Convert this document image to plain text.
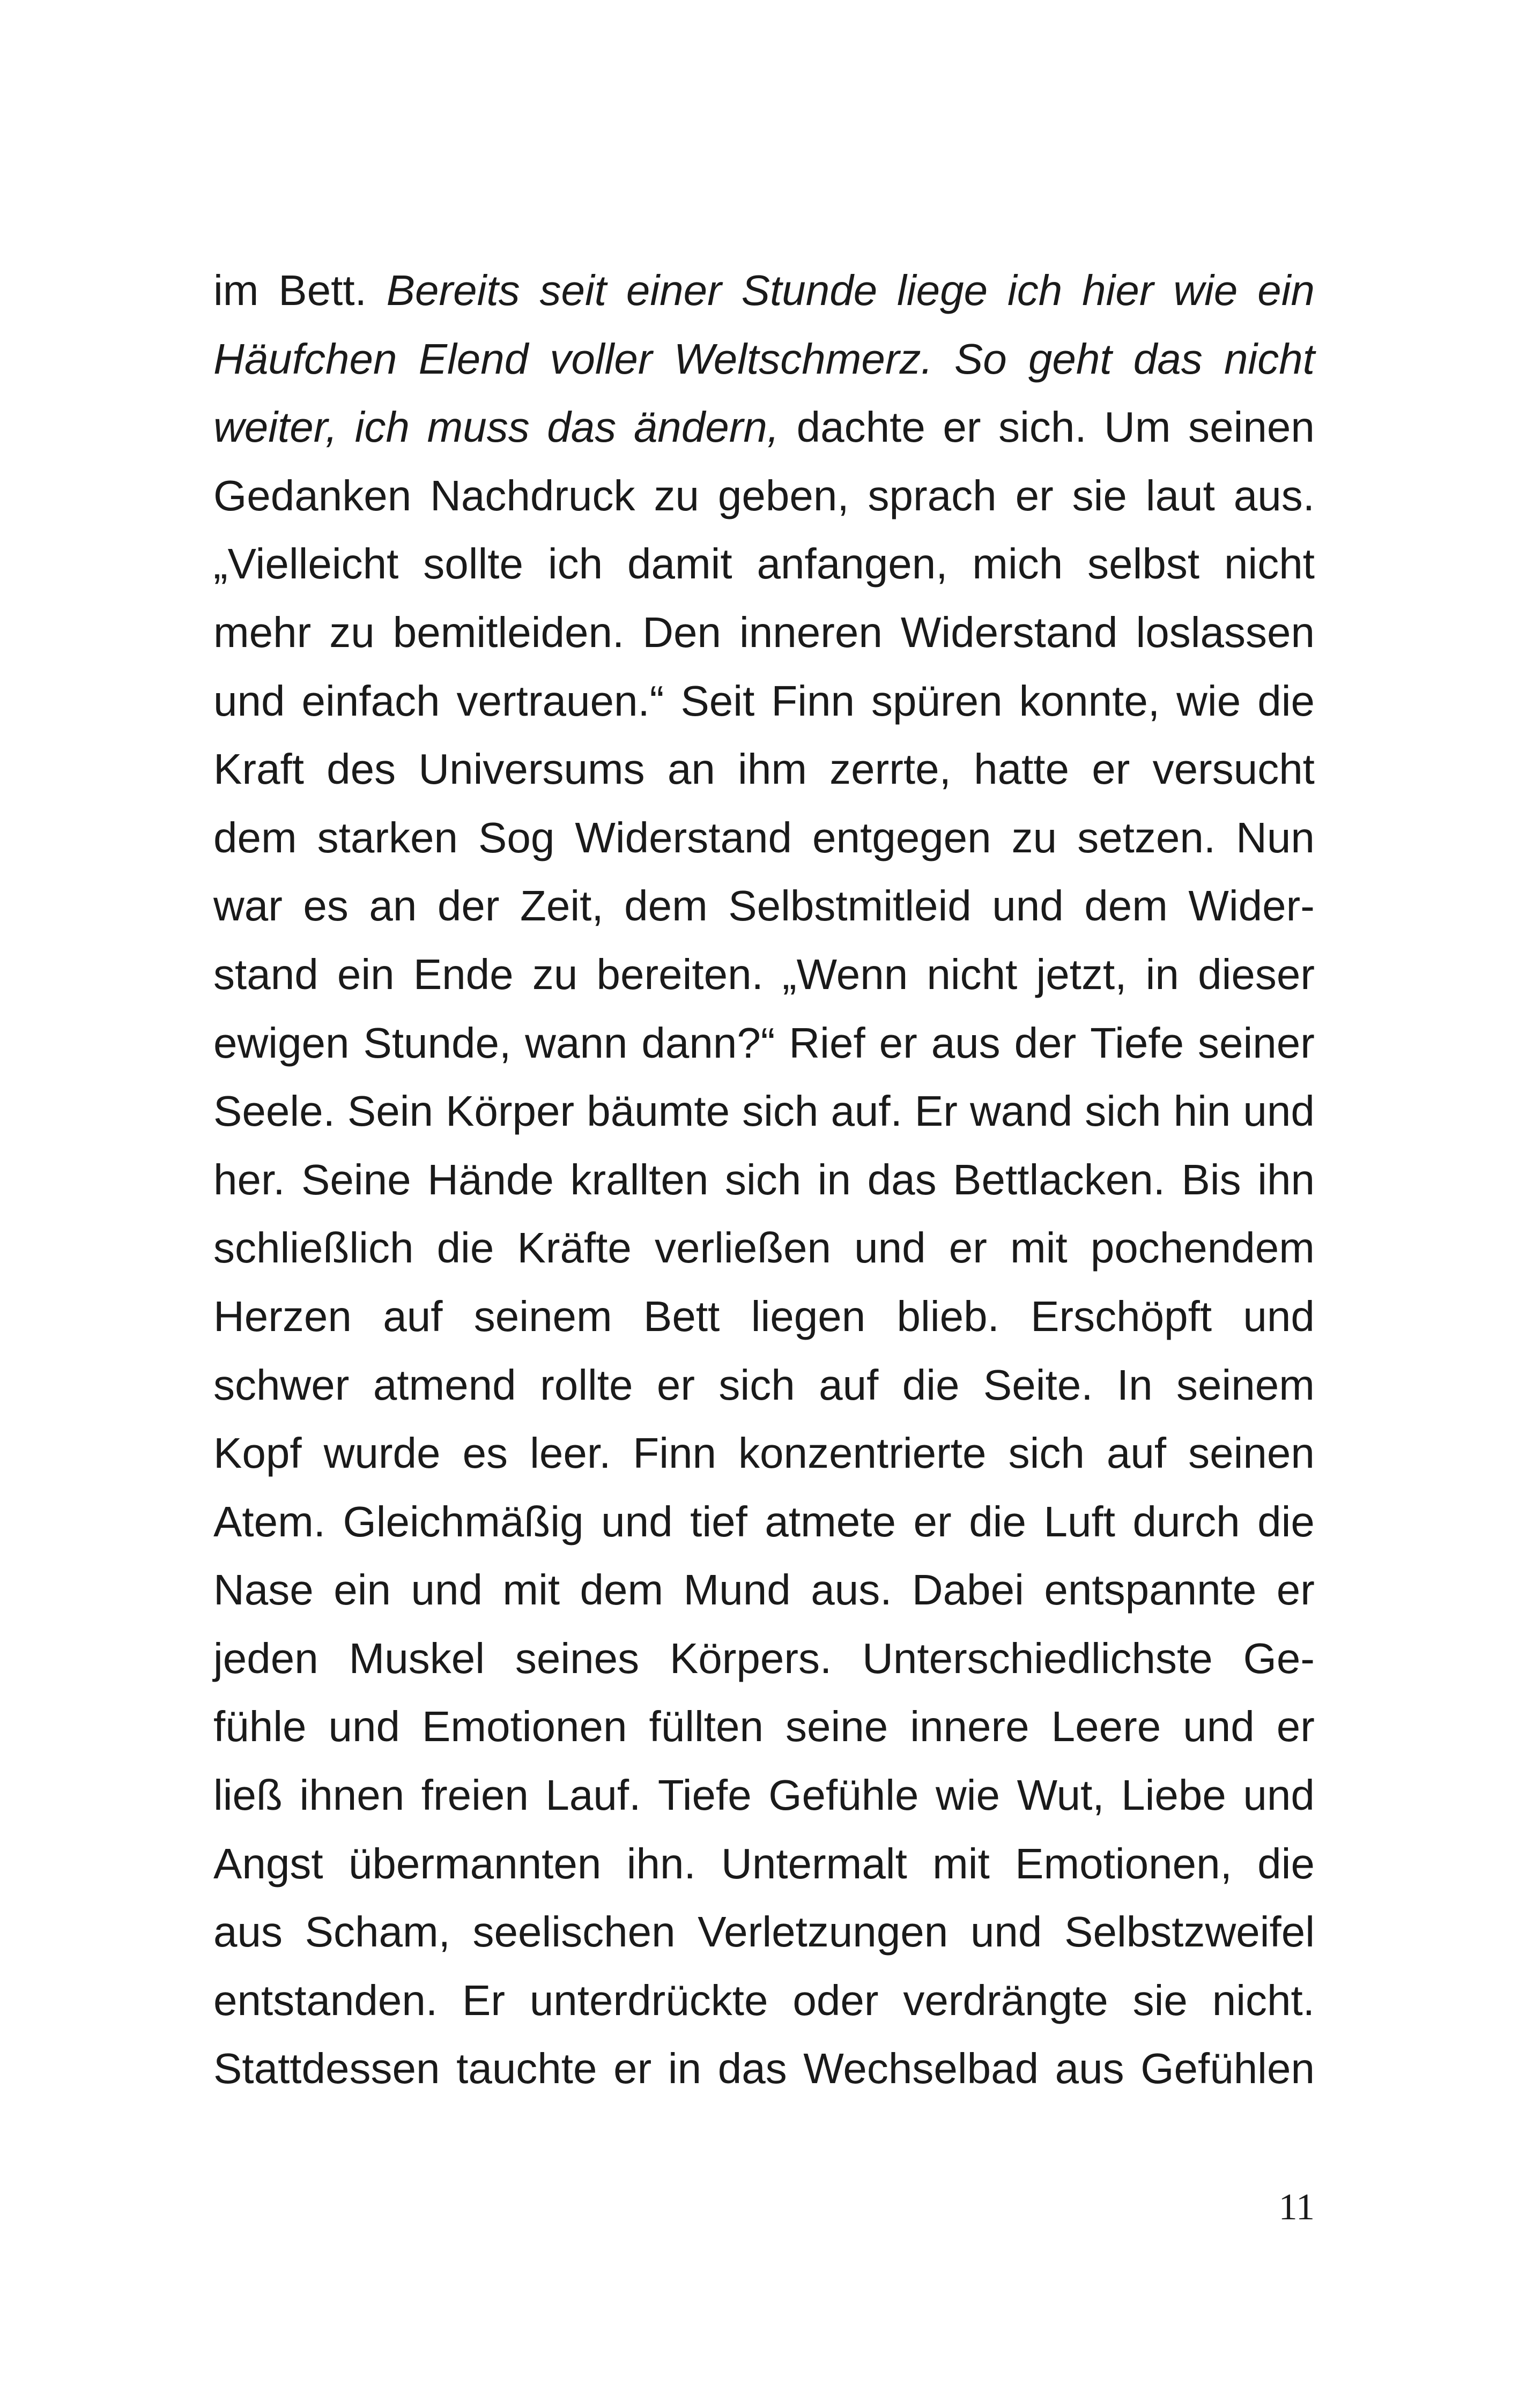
im Bett. Bereits seit einer Stunde liege ich hier wie ein
Häufchen Elend voller Weltschmerz. So geht das nicht
weiter, ich muss das ändern, dachte er sich. Um seinen
Gedanken Nachdruck zu geben, sprach er sie laut aus.
„Vielleicht sollte ich damit anfangen, mich selbst nicht
mehr zu bemitleiden. Den inneren Widerstand loslassen
und einfach vertrauen.“ Seit Finn spüren konnte, wie die
Kraft des Universums an ihm zerrte, hatte er versucht
dem starken Sog Widerstand entgegen zu setzen. Nun
war es an der Zeit, dem Selbstmitleid und dem Wider-
stand ein Ende zu bereiten. „Wenn nicht jetzt, in dieser
ewigen Stunde, wann dann?“ Rief er aus der Tiefe seiner
Seele. Sein Körper bäumte sich auf. Er wand sich hin und
her. Seine Hände krallten sich in das Bettlacken. Bis ihn
schließlich die Kräfte verließen und er mit pochendem
Herzen auf seinem Bett liegen blieb. Erschöpft und
schwer atmend rollte er sich auf die Seite. In seinem
Kopf wurde es leer. Finn konzentrierte sich auf seinen
Atem. Gleichmäßig und tief atmete er die Luft durch die
Nase ein und mit dem Mund aus. Dabei entspannte er
jeden Muskel seines Körpers. Unterschiedlichste Ge-
fühle und Emotionen füllten seine innere Leere und er
ließ ihnen freien Lauf. Tiefe Gefühle wie Wut, Liebe und
Angst übermannten ihn. Untermalt mit Emotionen, die
aus Scham, seelischen Verletzungen und Selbstzweifel
entstanden. Er unterdrückte oder verdrängte sie nicht.
Stattdessen tauchte er in das Wechselbad aus Gefühlen
11
